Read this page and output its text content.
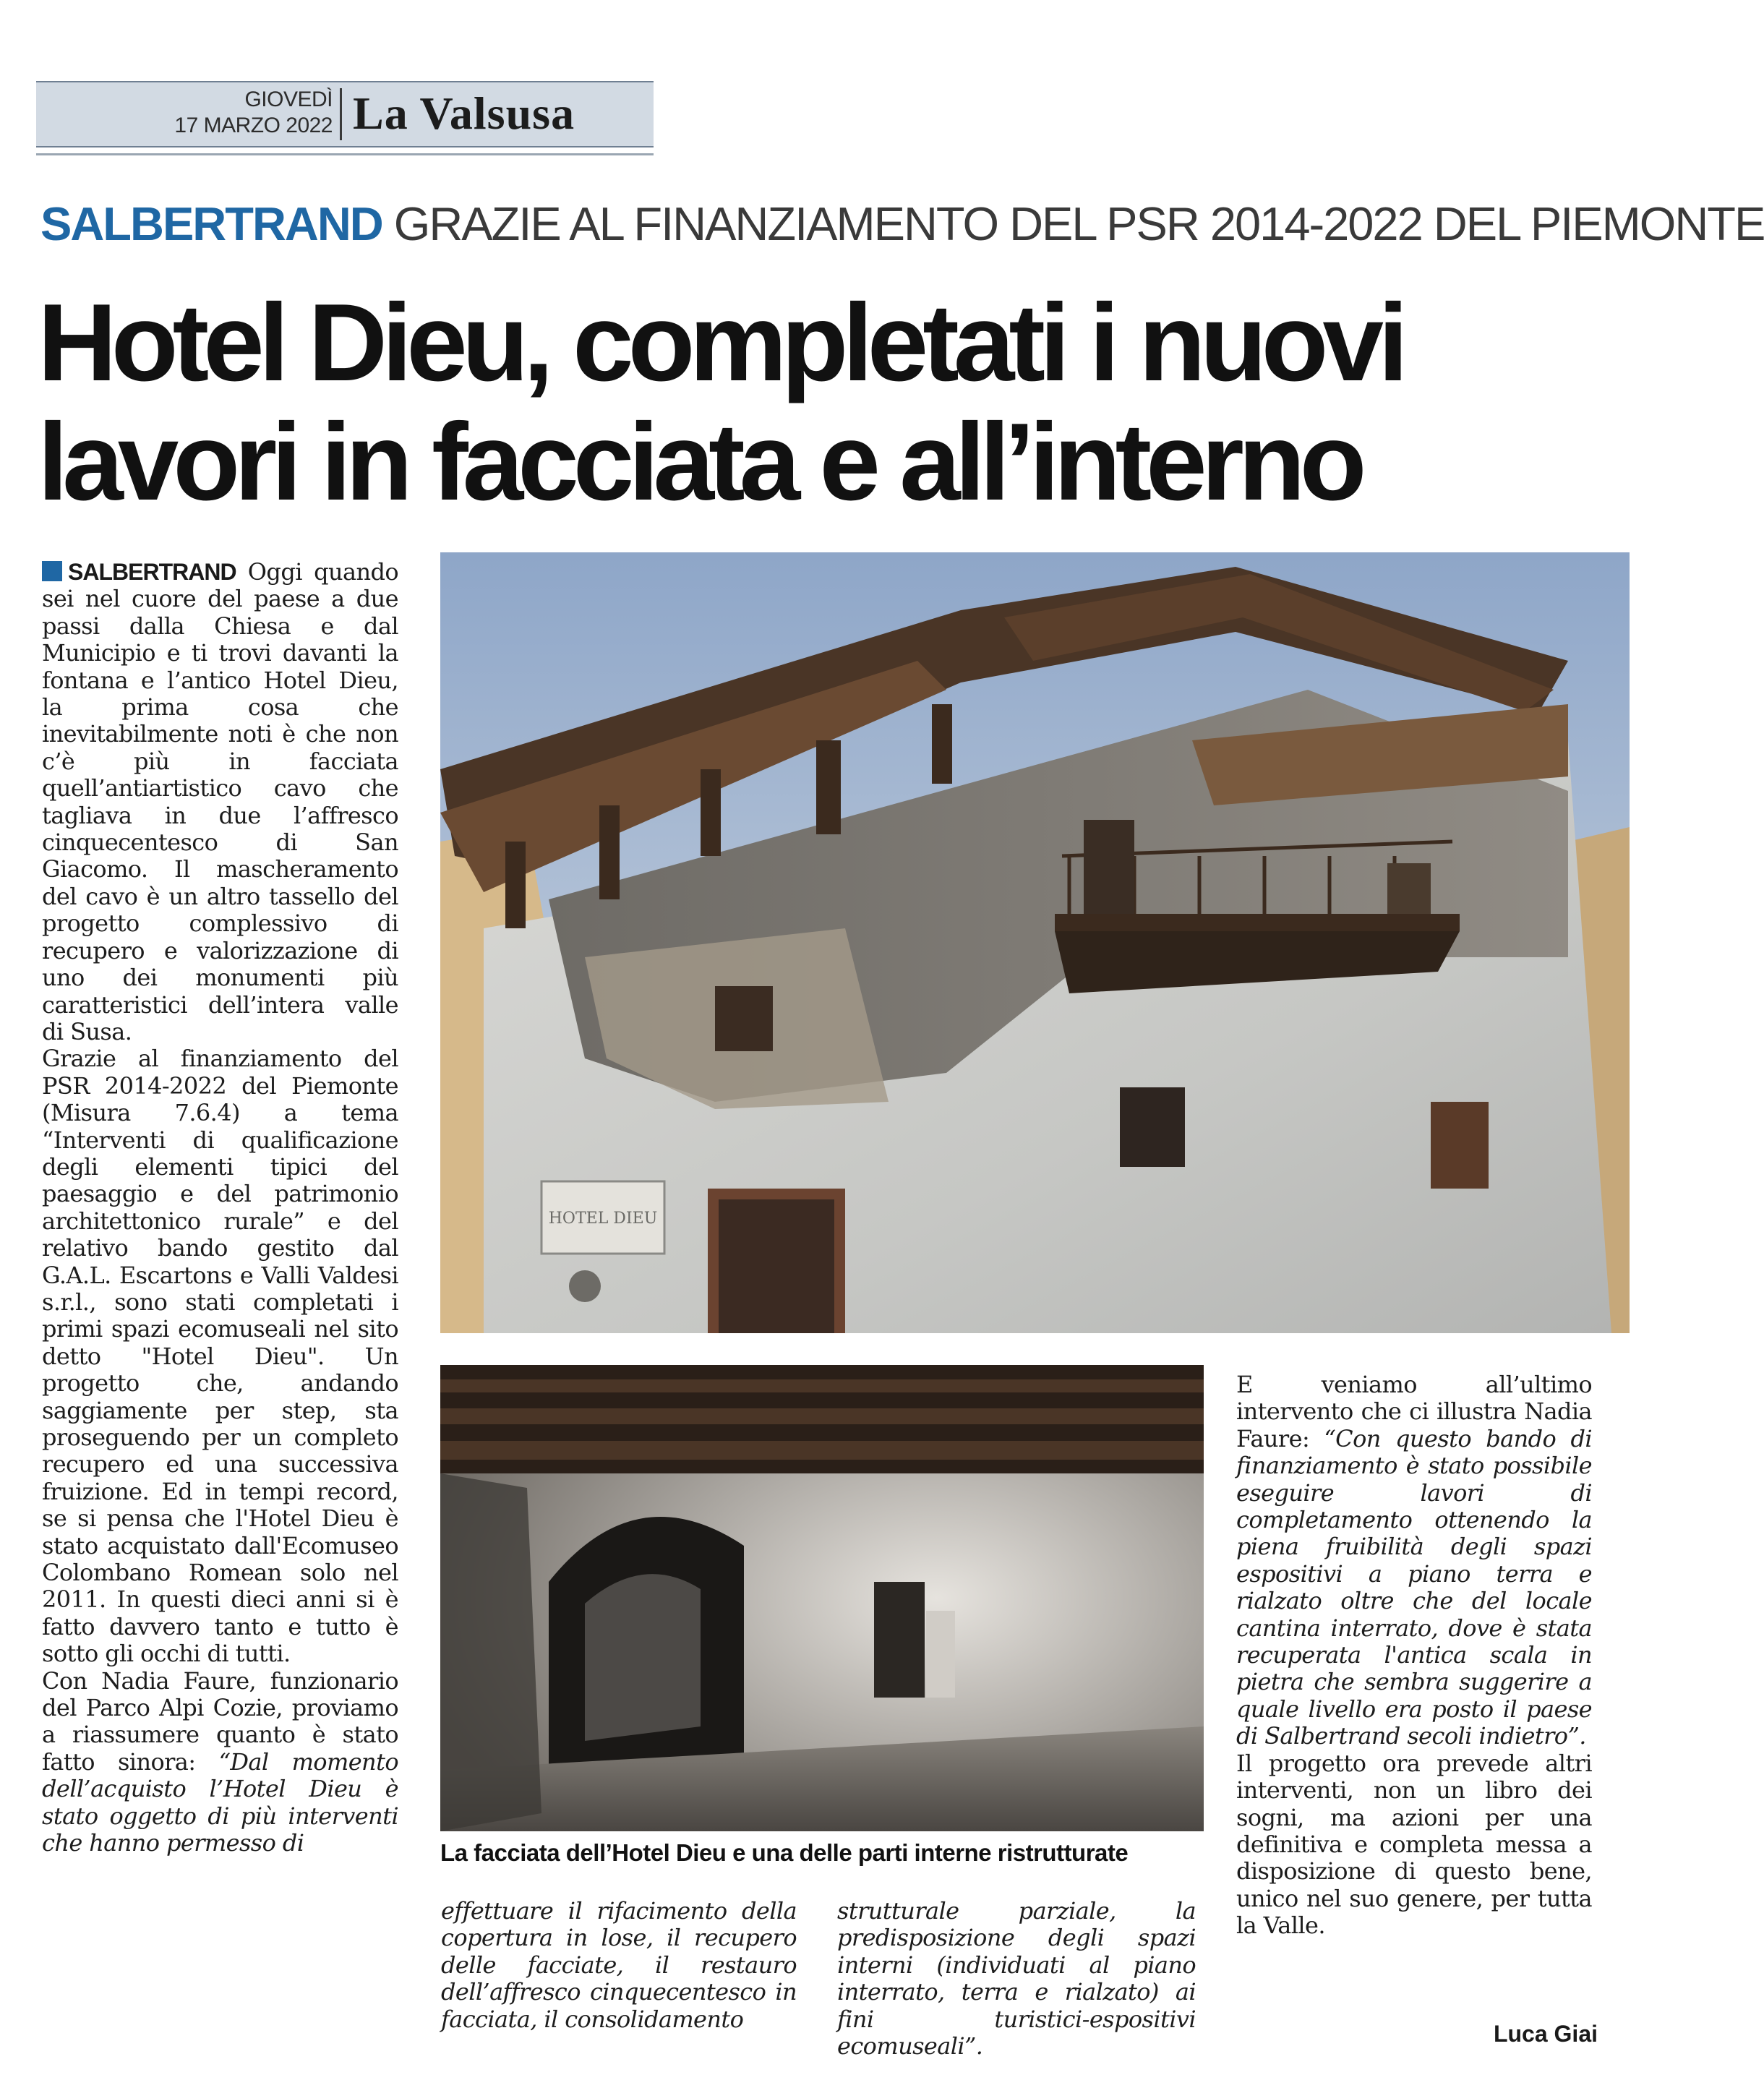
GIOVEDÌ
17 MARZO 2022 La Valsusa
SALBERTRAND GRAZIE AL FINANZIAMENTO DEL PSR 2014-2022 DEL PIEMONTE
Hotel Dieu, completati i nuovi
lavori in facciata e all’interno

SALBERTRAND Oggi quando sei nel cuore del paese a due passi dalla Chiesa e dal Municipio e ti trovi davanti la fontana e l’antico Hotel Dieu, la prima cosa che inevitabilmente noti è che non c’è più in facciata quell’antiartistico cavo che tagliava in due l’affresco cinquecentesco di San Giacomo. Il mascheramento del cavo è un altro tassello del progetto complessivo di recupero e valorizzazione di uno dei monumenti più caratteristici dell’intera valle di Susa.

Grazie al finanziamento del PSR 2014-2022 del Piemonte (Misura 7.6.4) a tema “Interventi di qualificazione degli elementi tipici del paesaggio e del patrimonio architettonico rurale” e del relativo bando gestito dal G.A.L. Escartons e Valli Valdesi s.r.l., sono stati completati i primi spazi ecomuseali nel sito detto "Hotel Dieu". Un progetto che, andando saggiamente per step, sta proseguendo per un completo recupero ed una successiva fruizione. Ed in tempi record, se si pensa che l'Hotel Dieu è stato acquistato dall'Ecomuseo Colombano Romean solo nel 2011. In questi dieci anni si è fatto davvero tanto e tutto è sotto gli occhi di tutti.

Con Nadia Faure, funzionario del Parco Alpi Cozie, proviamo a riassumere quanto è stato fatto sinora: “Dal momento dell’acquisto l’Hotel Dieu è stato oggetto di più interventi che hanno permesso di

HOTEL DIEU
La facciata dell’Hotel Dieu e una delle parti interne ristrutturate

effettuare il rifacimento della copertura in lose, il recupero delle facciate, il restauro dell’affresco cinquecentesco in facciata, il consolidamento

strutturale parziale, la predisposizione degli spazi interni (individuati al piano interrato, terra e rialzato) ai fini turistici-espositivi ecomuseali”.

E veniamo all’ultimo intervento che ci illustra Nadia Faure: “Con questo bando di finanziamento è stato possibile eseguire lavori di completamento ottenendo la piena fruibilità degli spazi espositivi a piano terra e rialzato oltre che del locale cantina interrato, dove è stata recuperata l'antica scala in pietra che sembra suggerire a quale livello era posto il paese di Salbertrand secoli indietro”.

Il progetto ora prevede altri interventi, non un libro dei sogni, ma azioni per una definitiva e completa messa a disposizione di questo bene, unico nel suo genere, per tutta la Valle.

Luca Giai
